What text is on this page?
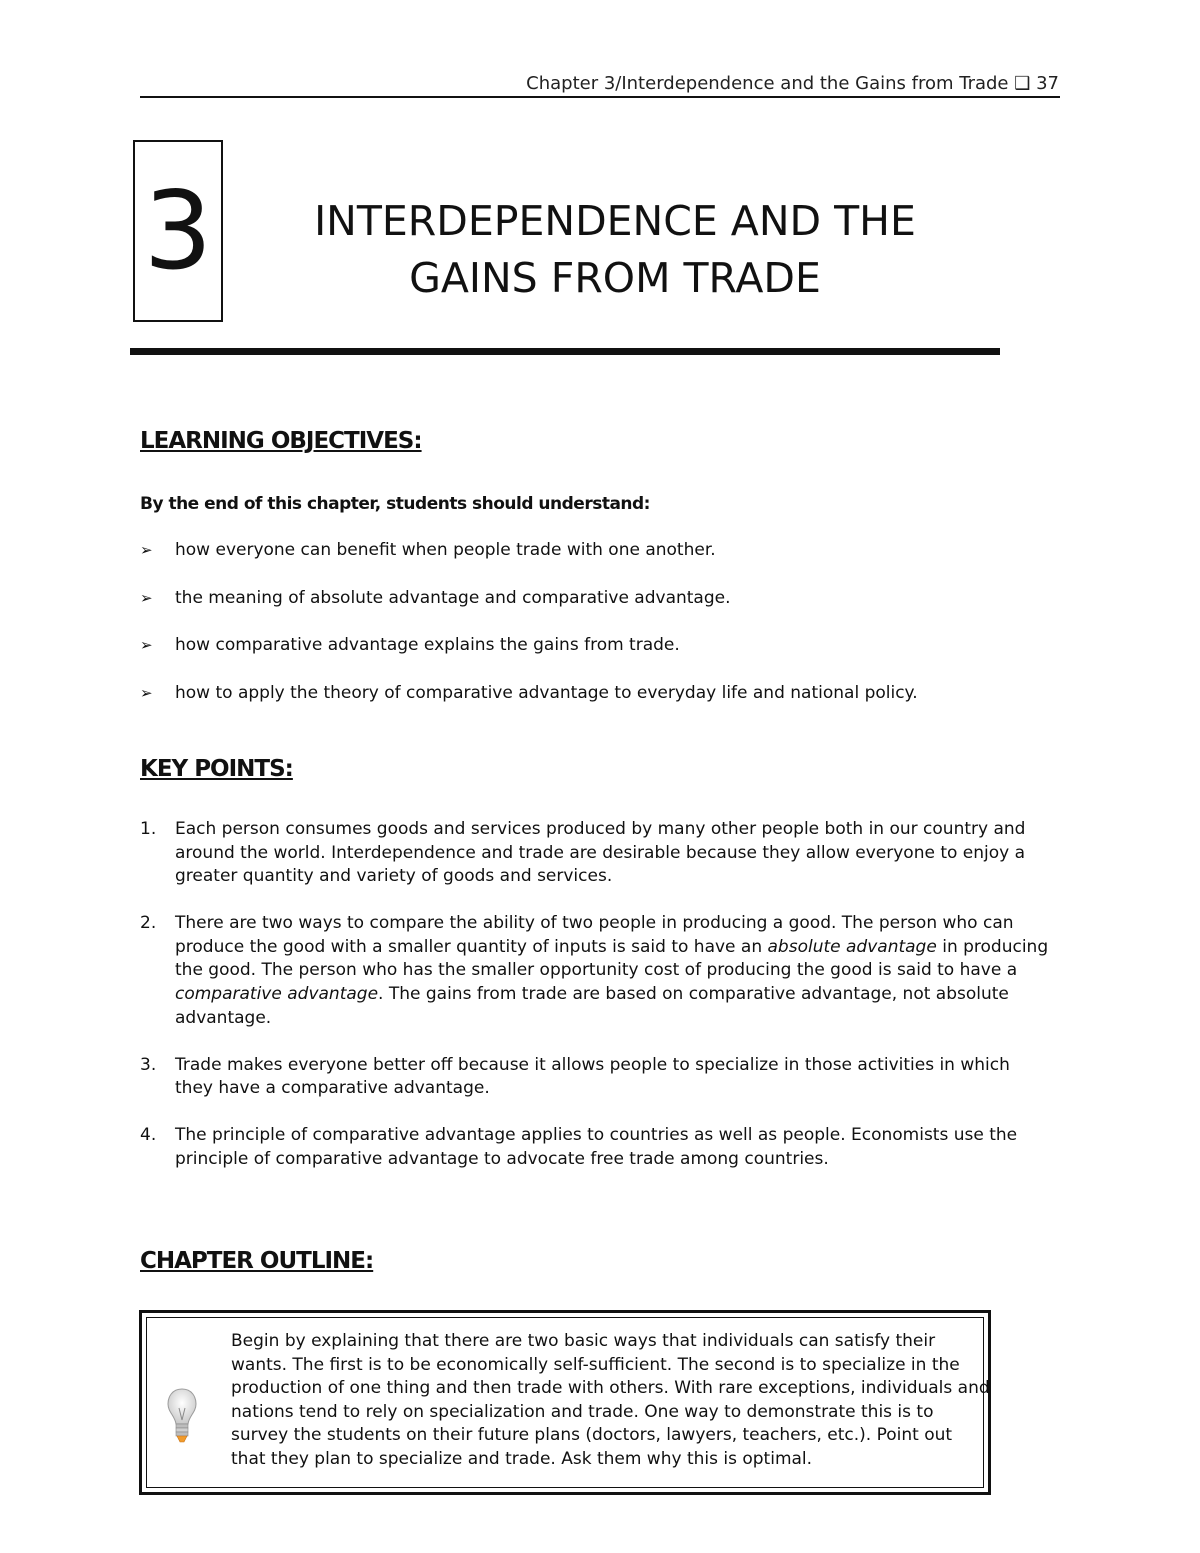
Chapter 3/Interdependence and the Gains from Trade ❑ 37
3	INTERDEPENDENCE AND THE
GAINS FROM TRADE
LEARNING OBJECTIVES:

By the end of this chapter, students should understand:

➢ how everyone can benefit when people trade with one another.
➢ the meaning of absolute advantage and comparative advantage.
➢ how comparative advantage explains the gains from trade.
➢ how to apply the theory of comparative advantage to everyday life and national policy.
KEY POINTS:
1. Each person consumes goods and services produced by many other people both in our country and around the world. Interdependence and trade are desirable because they allow everyone to enjoy a greater quantity and variety of goods and services.
2. There are two ways to compare the ability of two people in producing a good. The person who can produce the good with a smaller quantity of inputs is said to have an absolute advantage in producing the good. The person who has the smaller opportunity cost of producing the good is said to have a comparative advantage. The gains from trade are based on comparative advantage, not absolute advantage.
3. Trade makes everyone better off because it allows people to specialize in those activities in which they have a comparative advantage.
4. The principle of comparative advantage applies to countries as well as people. Economists use the principle of comparative advantage to advocate free trade among countries.
CHAPTER OUTLINE:
Begin by explaining that there are two basic ways that individuals can satisfy their wants. The first is to be economically self-sufficient. The second is to specialize in the production of one thing and then trade with others. With rare exceptions, individuals and nations tend to rely on specialization and trade. One way to demonstrate this is to survey the students on their future plans (doctors, lawyers, teachers, etc.). Point out that they plan to specialize and trade. Ask them why this is optimal.
